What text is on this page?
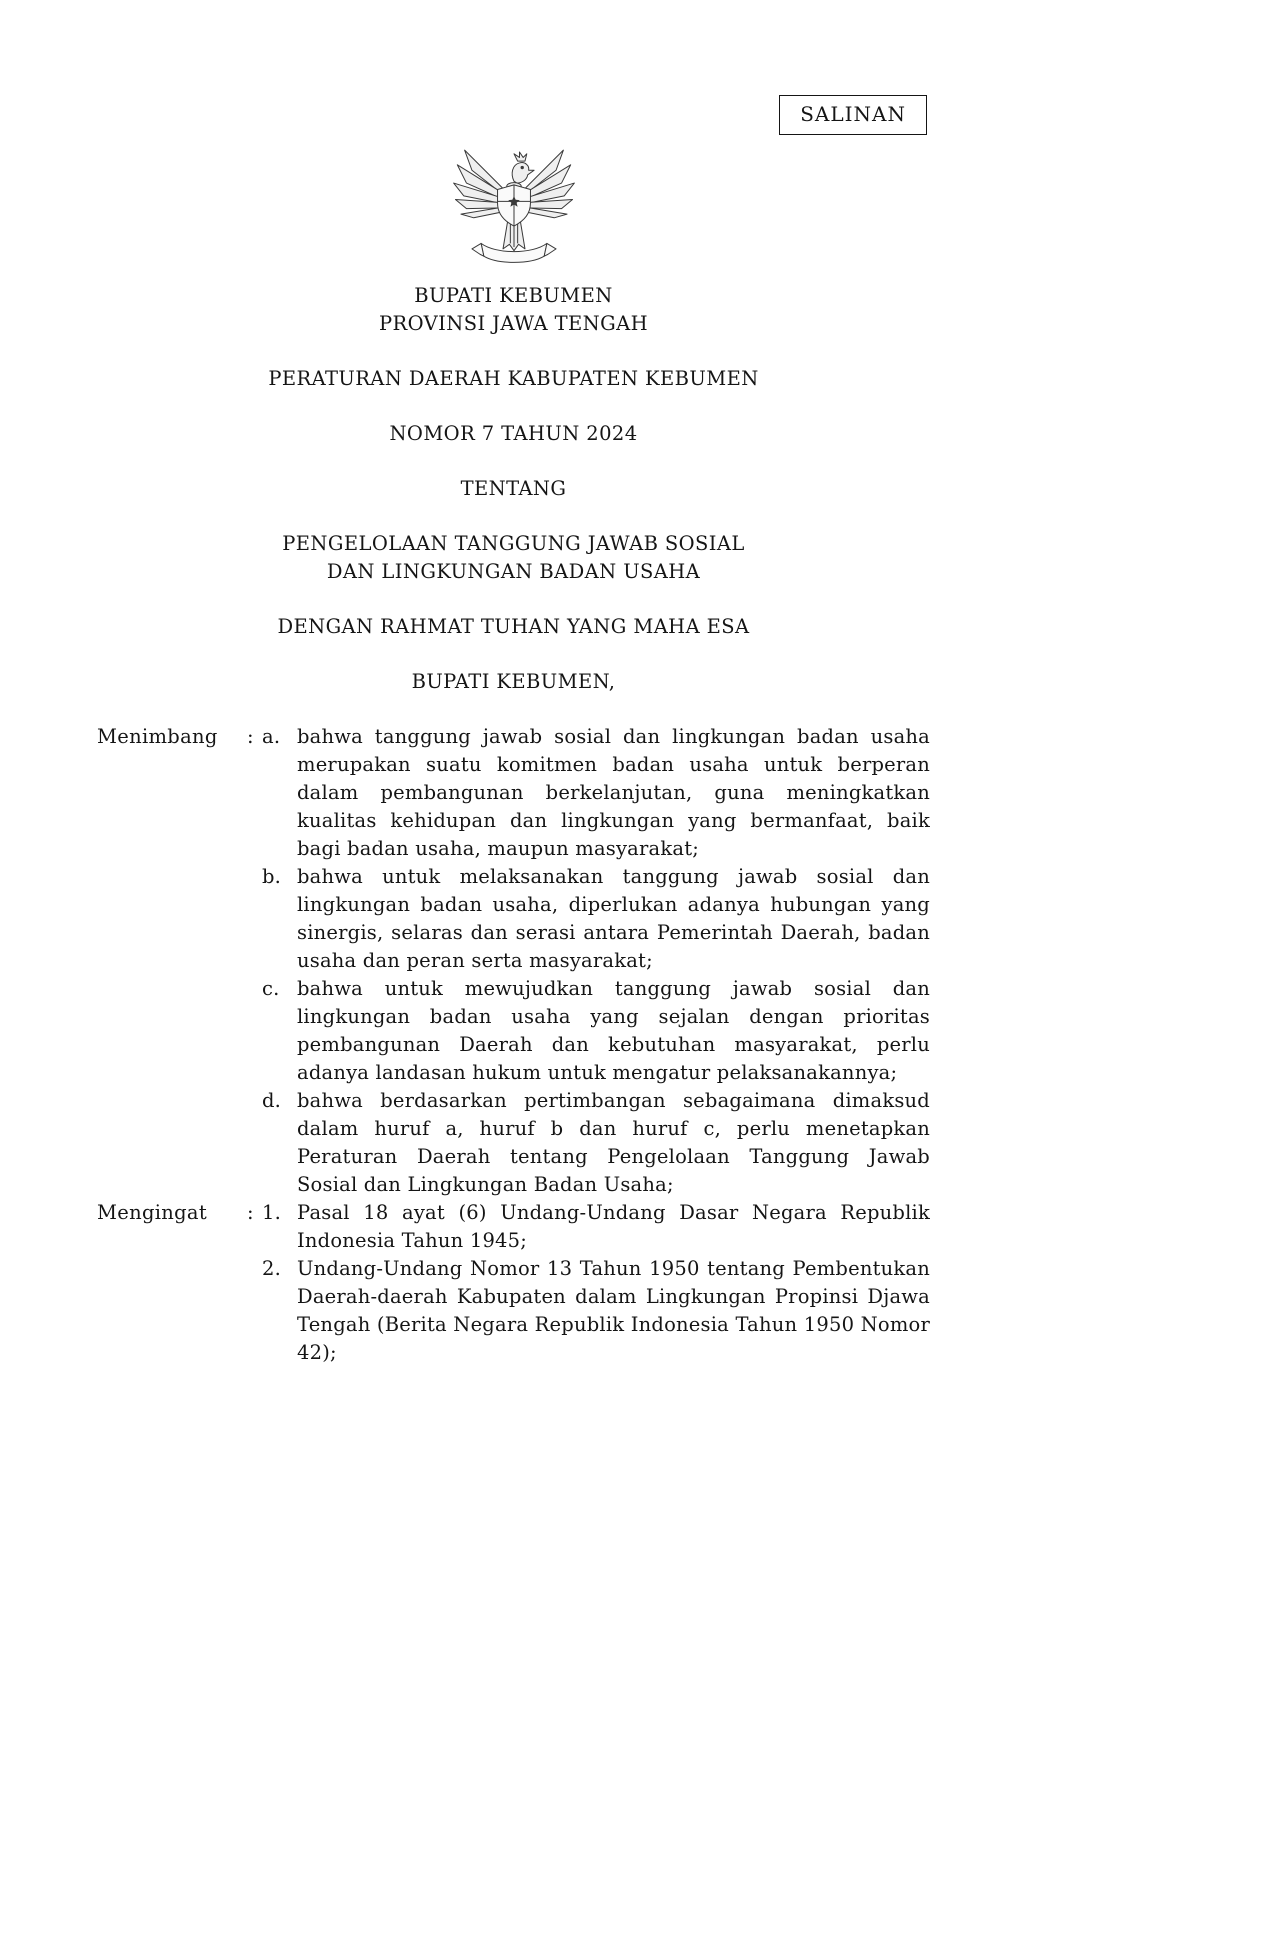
SALINAN
BUPATI KEBUMEN
PROVINSI JAWA TENGAH
PERATURAN DAERAH KABUPATEN KEBUMEN
NOMOR 7 TAHUN 2024
TENTANG
PENGELOLAAN TANGGUNG JAWAB SOSIAL
DAN LINGKUNGAN BADAN USAHA
DENGAN RAHMAT TUHAN YANG MAHA ESA
BUPATI KEBUMEN,
Menimbang	: a. bahwa tanggung jawab sosial dan lingkungan badan usaha merupakan suatu komitmen badan usaha untuk berperan dalam pembangunan berkelanjutan, guna meningkatkan kualitas kehidupan dan lingkungan yang bermanfaat, baik bagi badan usaha, maupun masyarakat;
b. bahwa untuk melaksanakan tanggung jawab sosial dan lingkungan badan usaha, diperlukan adanya hubungan yang sinergis, selaras dan serasi antara Pemerintah Daerah, badan usaha dan peran serta masyarakat;
c. bahwa untuk mewujudkan tanggung jawab sosial dan lingkungan badan usaha yang sejalan dengan prioritas pembangunan Daerah dan kebutuhan masyarakat, perlu adanya landasan hukum untuk mengatur pelaksanakannya;
d. bahwa berdasarkan pertimbangan sebagaimana dimaksud dalam huruf a, huruf b dan huruf c, perlu menetapkan Peraturan Daerah tentang Pengelolaan Tanggung Jawab Sosial dan Lingkungan Badan Usaha;
Mengingat	: 1. Pasal 18 ayat (6) Undang-Undang Dasar Negara Republik Indonesia Tahun 1945;
2. Undang-Undang Nomor 13 Tahun 1950 tentang Pembentukan Daerah-daerah Kabupaten dalam Lingkungan Propinsi Djawa Tengah (Berita Negara Republik Indonesia Tahun 1950 Nomor 42);
